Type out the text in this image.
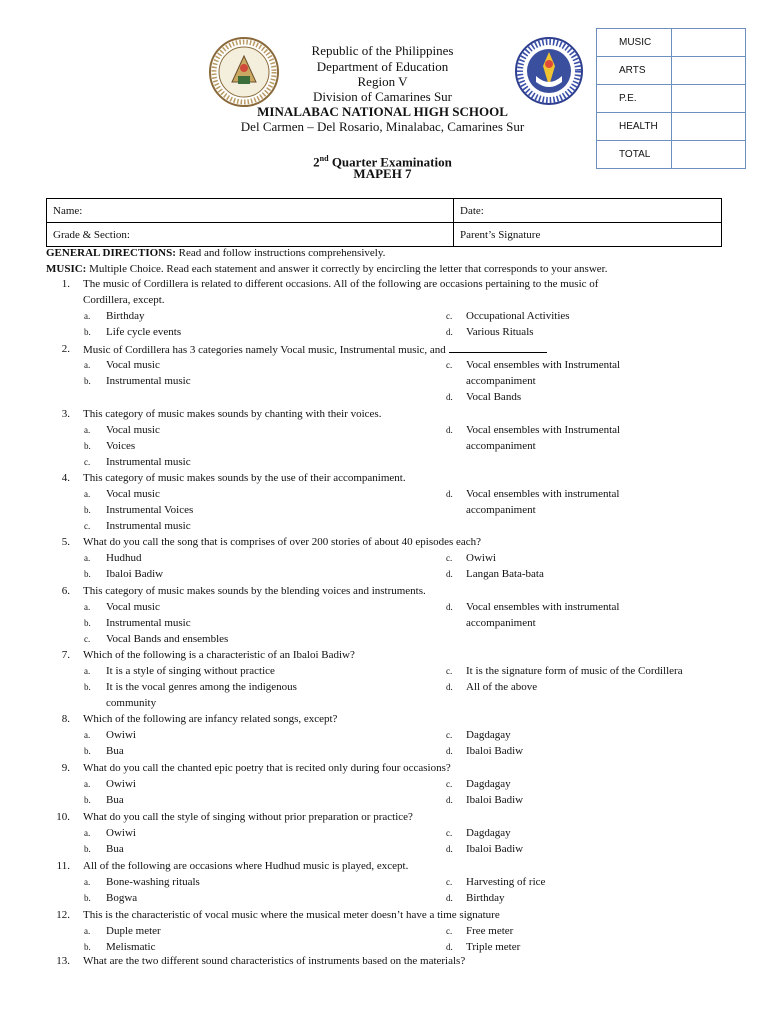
Republic of the Philippines
Department of Education
Region V
Division of Camarines Sur
MINALABAC NATIONAL HIGH SCHOOL
Del Carmen – Del Rosario, Minalabac, Camarines Sur
2nd Quarter Examination
MAPEH 7
MUSIC	
ARTS	
P.E.	
HEALTH	
TOTAL	
Name:	Date:
Grade & Section:	Parent’s Signature
GENERAL DIRECTIONS: Read and follow instructions comprehensively.
MUSIC: Multiple Choice. Read each statement and answer it correctly by encircling the letter that corresponds to your answer.
1. The music of Cordillera is related to different occasions. All of the following are occasions pertaining to the music of
Cordillera, except.
a. Birthday
b. Life cycle events
c. Occupational Activities
d. Various Rituals
2. Music of Cordillera has 3 categories namely Vocal music, Instrumental music, and
a. Vocal music
b. Instrumental music
c. Vocal ensembles with Instrumental
accompaniment
d. Vocal Bands
3. This category of music makes sounds by chanting with their voices.
a. Vocal music
b. Voices
c. Instrumental music
d. Vocal ensembles with Instrumental
accompaniment
4. This category of music makes sounds by the use of their accompaniment.
a. Vocal music
b. Instrumental Voices
c. Instrumental music
d. Vocal ensembles with instrumental
accompaniment
5. What do you call the song that is comprises of over 200 stories of about 40 episodes each?
a. Hudhud
b. Ibaloi Badiw
c. Owiwi
d. Langan Bata-bata
6. This category of music makes sounds by the blending voices and instruments.
a. Vocal music
b. Instrumental music
c. Vocal Bands and ensembles
d. Vocal ensembles with instrumental
accompaniment
7. Which of the following is a characteristic of an Ibaloi Badiw?
a. It is a style of singing without practice
b. It is the vocal genres among the indigenous
community
c. It is the signature form of music of the Cordillera
d. All of the above
8. Which of the following are infancy related songs, except?
a. Owiwi
b. Bua
c. Dagdagay
d. Ibaloi Badiw
9. What do you call the chanted epic poetry that is recited only during four occasions?
a. Owiwi
b. Bua
c. Dagdagay
d. Ibaloi Badiw
10. What do you call the style of singing without prior preparation or practice?
a. Owiwi
b. Bua
c. Dagdagay
d. Ibaloi Badiw
11. All of the following are occasions where Hudhud music is played, except.
a. Bone-washing rituals
b. Bogwa
c. Harvesting of rice
d. Birthday
12. This is the characteristic of vocal music where the musical meter doesn’t have a time signature
a. Duple meter
b. Melismatic
c. Free meter
d. Triple meter
13. What are the two different sound characteristics of instruments based on the materials?
